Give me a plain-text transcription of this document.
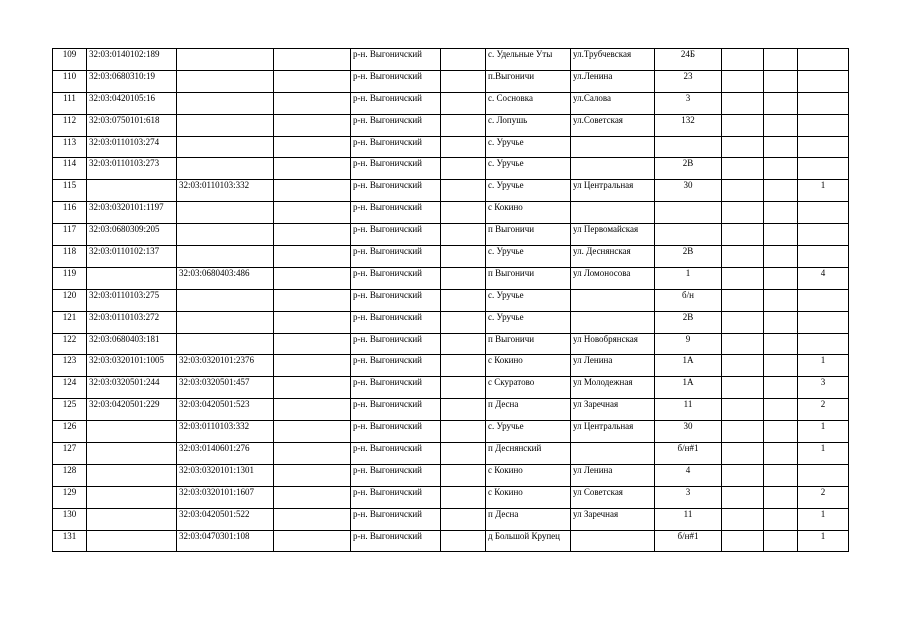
109	32:03:0140102:189			р-н. Выгоничский		с. Удельные Уты	ул.Трубчевская	24Б			
110	32:03:0680310:19			р-н. Выгоничский		п.Выгоничи	ул.Ленина	23			
111	32:03:0420105:16			р-н. Выгоничский		с. Сосновка	ул.Салова	3			
112	32:03:0750101:618			р-н. Выгоничский		с. Лопушь	ул.Советская	132			
113	32:03:0110103:274			р-н. Выгоничский		с. Уручье					
114	32:03:0110103:273			р-н. Выгоничский		с. Уручье		2В			
115		32:03:0110103:332		р-н. Выгоничский		с. Уручье	ул Центральная	30			1
116	32:03:0320101:1197			р-н. Выгоничский		с Кокино					
117	32:03:0680309:205			р-н. Выгоничский		п Выгоничи	ул Первомайская				
118	32:03:0110102:137			р-н. Выгоничский		с. Уручье	ул. Деснянская	2В			
119		32:03:0680403:486		р-н. Выгоничский		п Выгоничи	ул Ломоносова	1			4
120	32:03:0110103:275			р-н. Выгоничский		с. Уручье		б/н			
121	32:03:0110103:272			р-н. Выгоничский		с. Уручье		2В			
122	32:03:0680403:181			р-н. Выгоничский		п Выгоничи	ул Новобрянская	9			
123	32:03:0320101:1005	32:03:0320101:2376		р-н. Выгоничский		с Кокино	ул Ленина	1А			1
124	32:03:0320501:244	32:03:0320501:457		р-н. Выгоничский		с Скуратово	ул Молодежная	1А			3
125	32:03:0420501:229	32:03:0420501:523		р-н. Выгоничский		п Десна	ул Заречная	11			2
126		32:03:0110103:332		р-н. Выгоничский		с. Уручье	ул Центральная	30			1
127		32:03:0140601:276		р-н. Выгоничский		п Деснянский		б/н#1			1
128		32:03:0320101:1301		р-н. Выгоничский		с Кокино	ул Ленина	4			
129		32:03:0320101:1607		р-н. Выгоничский		с Кокино	ул Советская	3			2
130		32:03:0420501:522		р-н. Выгоничский		п Десна	ул Заречная	11			1
131		32:03:0470301:108		р-н. Выгоничский		д Большой Крупец		б/н#1			1
